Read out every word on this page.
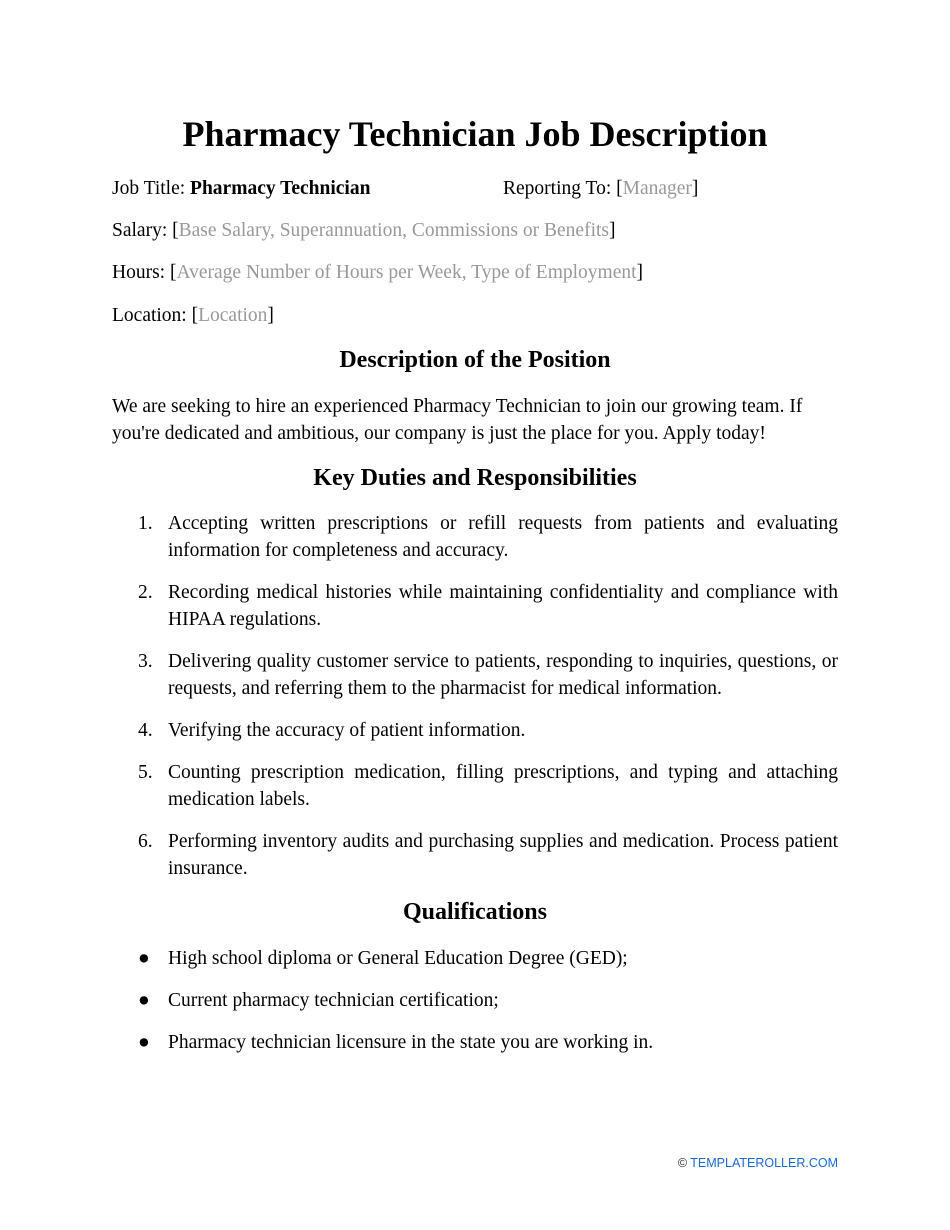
Pharmacy Technician Job Description
Job Title: Pharmacy Technician	Reporting To: [Manager]
Salary: [Base Salary, Superannuation, Commissions or Benefits]
Hours: [Average Number of Hours per Week, Type of Employment]
Location: [Location]
Description of the Position

We are seeking to hire an experienced Pharmacy Technician to join our growing team. If you're dedicated and ambitious, our company is just the place for you. Apply today!

Key Duties and Responsibilities
1. Accepting written prescriptions or refill requests from patients and evaluating information for completeness and accuracy.
2. Recording medical histories while maintaining confidentiality and compliance with HIPAA regulations.
3. Delivering quality customer service to patients, responding to inquiries, questions, or requests, and referring them to the pharmacist for medical information.
4. Verifying the accuracy of patient information.
5. Counting prescription medication, filling prescriptions, and typing and attaching medication labels.
6. Performing inventory audits and purchasing supplies and medication. Process patient insurance.
Qualifications
● High school diploma or General Education Degree (GED);
● Current pharmacy technician certification;
● Pharmacy technician licensure in the state you are working in.
© TEMPLATEROLLER.COM
